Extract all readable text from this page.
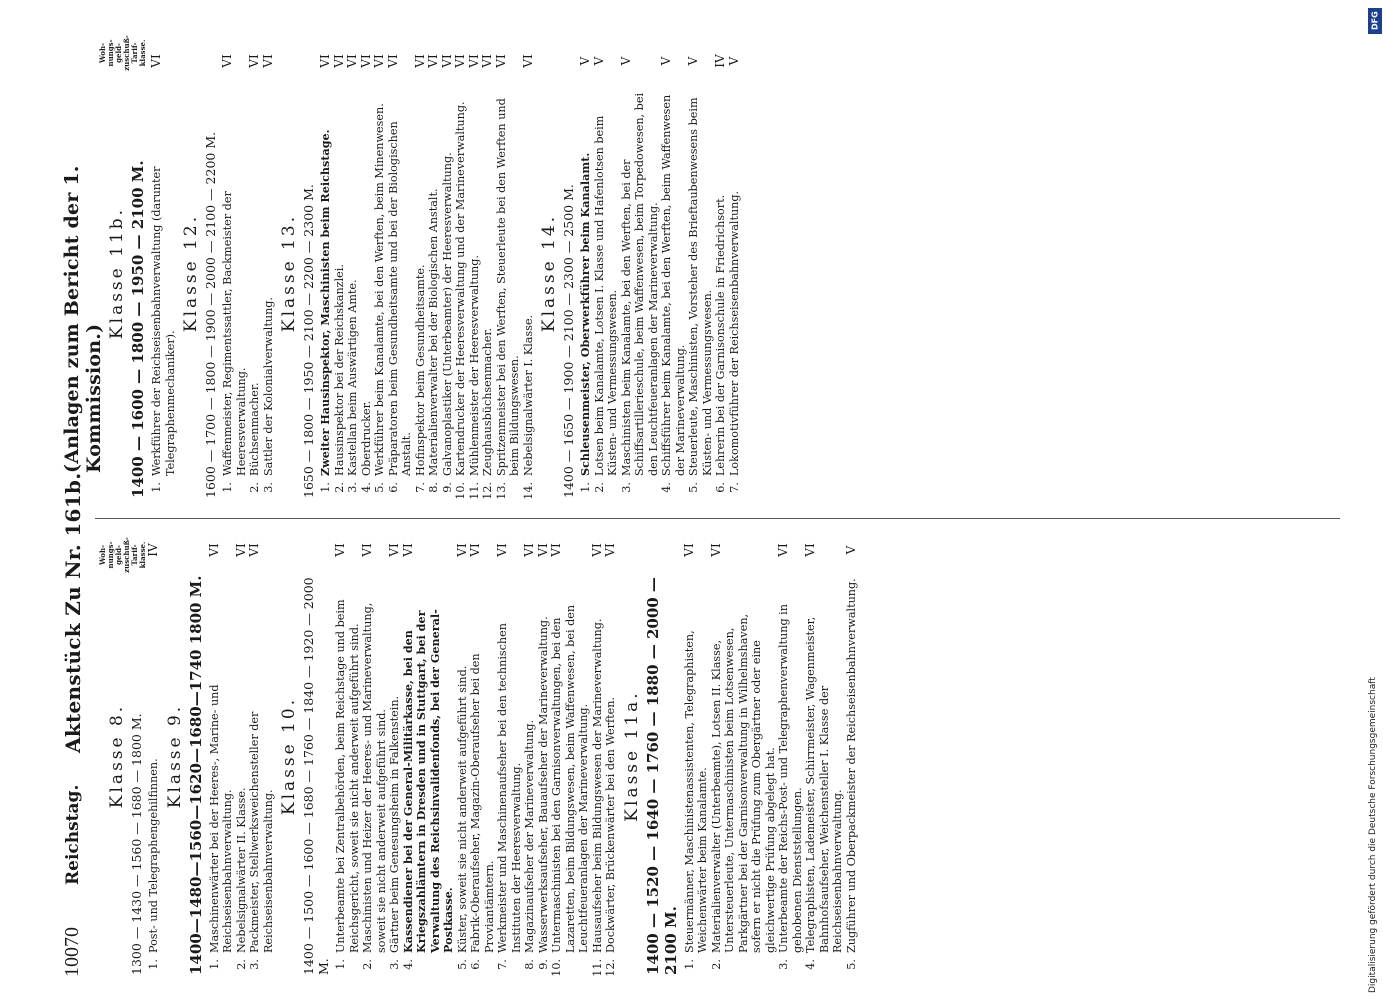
10070
Reichstag.
Aktenstück Zu Nr. 161b.
(Anlagen zum Bericht der 1. Kommission.)
Woh-nungs-geld-zuschuß-Tarif-klasse.
Woh-nungs-geld-zuschuß-Tarif-klasse.
Klasse 8. 1300 — 1430 — 1560 — 1680 — 1800 M. 1.
Post- und Telegraphengehilfinnen.
IV
Klasse 9. 1400—1480—1560—1620—1680—1740 1800 M. 1.
Maschinenwärter bei der Heeres-, Marine- und Reichseisenbahnverwaltung.
VI
2.
Nebelsignalwärter II. Klasse.
VI
3.
Packmeister, Stellwerksweichensteller der Reichseisenbahnverwaltung.
VI
Klasse 10. 1400 — 1500 — 1600 — 1680 — 1760 — 1840 — 1920 — 2000 M. 1.
Unterbeamte bei Zentralbehörden, beim Reichstage und beim Reichsgericht, soweit sie nicht anderweit aufgeführt sind.
VI
2.
Maschinisten und Heizer der Heeres- und Marineverwaltung, soweit sie nicht anderweit aufgeführt sind.
VI
3.
Gärtner beim Genesungsheim in Falkenstein.
VI
4.
Kassendiener bei der General-Militärkasse, bei den Kriegszahlämtern in Dresden und in Stuttgart, bei der Verwaltung des Reichsinvalidenfonds, bei der General-Postkasse.
VI
5.
Küster, soweit sie nicht anderweit aufgeführt sind.
VI
6.
Fabrik-Oberaufseher, Magazin-Oberaufseher bei den Proviantämtern.
VI
7.
Werkmeister und Maschinenaufseher bei den technischen Instituten der Heeresverwaltung.
VI
8.
Magazinaufseher der Marineverwaltung.
VI
9.
Wasserwerksaufseher, Bauaufseher der Marineverwaltung.
VI
10.
Untermaschinisten bei den Garnisonverwaltungen, bei den Lazaretten, beim Bildungswesen, beim Waffenwesen, bei den Leuchtfeueranlagen der Marineverwaltung.
VI
11.
Hausaufseher beim Bildungswesen der Marineverwaltung.
VI
12.
Dockwärter, Brückenwärter bei den Werften.
VI
Klasse 11a. 1400 — 1520 — 1640 — 1760 — 1880 — 2000 — 2100 M. 1.
Steuermänner, Maschinistenassistenten, Telegraphisten, Weichenwärter beim Kanalamte.
VI
2.
Materialienverwalter (Unterbeamte), Lotsen II. Klasse, Untersteuerleute, Untermaschinisten beim Lotsenwesen, Parkgärtner bei der Garnisonverwaltung in Wilhelmshaven, sofern er nicht die Prüfung zum Obergärtner oder eine gleichwertige Prüfung abgelegt hat.
VI
3.
Unterbeamte der Reichs-Post- und Telegraphenverwaltung in gehobenen Dienststellungen.
VI
4.
Telegraphisten, Lademeister, Schirrmeister, Wagenmeister, Bahnhofsaufseher, Weichensteller I. Klasse der Reichseisenbahnverwaltung.
VI
5.
Zugführer und Oberpackmeister der Reichseisenbahnverwaltung.
V
Klasse 11b. 1400 — 1600 — 1800 — 1950 — 2100 M. 1.
Werkführer der Reichseisenbahnverwaltung (darunter Telegraphenmechaniker).
VI
Klasse 12. 1600 — 1700 — 1800 — 1900 — 2000 — 2100 — 2200 M. 1.
Waffenmeister, Regimentssattler, Backmeister der Heeresverwaltung.
VI
2.
Büchsenmacher.
VI
3.
Sattler der Kolonialverwaltung.
VI
Klasse 13. 1650 — 1800 — 1950 — 2100 — 2200 — 2300 M. 1.
Zweiter Hausinspektor, Maschinisten beim Reichstage.
VI
2.
Hausinspektor bei der Reichskanzlei.
VI
3.
Kastellan beim Auswärtigen Amte.
VI
4.
Oberdrucker.
VI
5.
Werkführer beim Kanalamte, bei den Werften, beim Minenwesen.
VI
6.
Präparatoren beim Gesundheitsamte und bei der Biologischen Anstalt.
VI
7.
Hofinspektor beim Gesundheitsamte.
VI
8.
Materialienverwalter bei der Biologischen Anstalt.
VI
9.
Galvanoplastiker (Unterbeamter) der Heeresverwaltung.
VI
10.
Kartendrucker der Heeresverwaltung und der Marineverwaltung.
VI
11.
Mühlenmeister der Heeresverwaltung.
VI
12.
Zeughausbüchsenmacher.
VI
13.
Spritzenmeister bei den Werften, Steuerleute bei den Werften und beim Bildungswesen.
VI
14.
Nebelsignalwärter I. Klasse.
VI
Klasse 14. 1400 — 1650 — 1900 — 2100 — 2300 — 2500 M. 1.
Schleusenmeister, Oberwerkführer beim Kanalamt.
V
2.
Lotsen beim Kanalamte, Lotsen I. Klasse und Hafenlotsen beim Küsten- und Vermessungswesen.
V
3.
Maschinisten beim Kanalamte, bei den Werften, bei der Schiffsartillerieschule, beim Waffenwesen, beim Torpedowesen, bei den Leuchtfeueranlagen der Marineverwaltung.
V
4.
Schiffsführer beim Kanalamte, bei den Werften, beim Waffenwesen der Marineverwaltung.
V
5.
Steuerleute, Maschinisten, Vorsteher des Brieftaubenwesens beim Küsten- und Vermessungswesen.
V
6.
Lehrerin bei der Garnisonschule in Friedrichsort.
IV
7.
Lokomotivführer der Reichseisenbahnverwaltung.
V
DFG
Digitalisierung gefördert durch die Deutsche Forschungsgemeinschaft
